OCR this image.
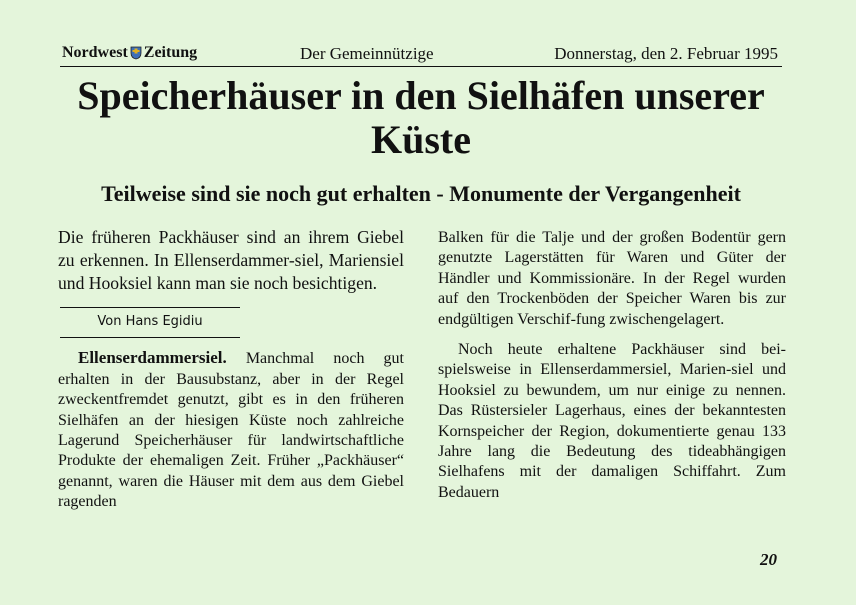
Nordwest Zeitung	Der Gemeinnützige	Donnerstag, den 2. Februar 1995
Speicherhäuser in den Sielhäfen unserer Küste
Teilweise sind sie noch gut erhalten - Monumente der Vergangenheit

Die früheren Packhäuser sind an ihrem Giebel zu erkennen. In Ellenserdammer-siel, Mariensiel und Hooksiel kann man sie noch besichtigen.

Von Hans Egidiu

Ellenserdammersiel. Manchmal noch gut erhalten in der Bausubstanz, aber in der Regel zweckentfremdet genutzt, gibt es in den früheren Sielhäfen an der hiesigen Küste noch zahlreiche Lagerund Speicherhäuser für landwirtschaftliche Produkte der ehemaligen Zeit. Früher „Packhäuser“ genannt, waren die Häuser mit dem aus dem Giebel ragenden

Balken für die Talje und der großen Bodentür gern genutzte Lagerstätten für Waren und Güter der Händler und Kommissionäre. In der Regel wurden auf den Trockenböden der Speicher Waren bis zur endgültigen Verschif-fung zwischengelagert.

Noch heute erhaltene Packhäuser sind bei-spielsweise in Ellenserdammersiel, Marien-siel und Hooksiel zu bewundem, um nur einige zu nennen. Das Rüstersieler Lagerhaus, eines der bekanntesten Kornspeicher der Region, dokumentierte genau 133 Jahre lang die Bedeutung des tideabhängigen Sielhafens mit der damaligen Schiffahrt. Zum Bedauern

20
